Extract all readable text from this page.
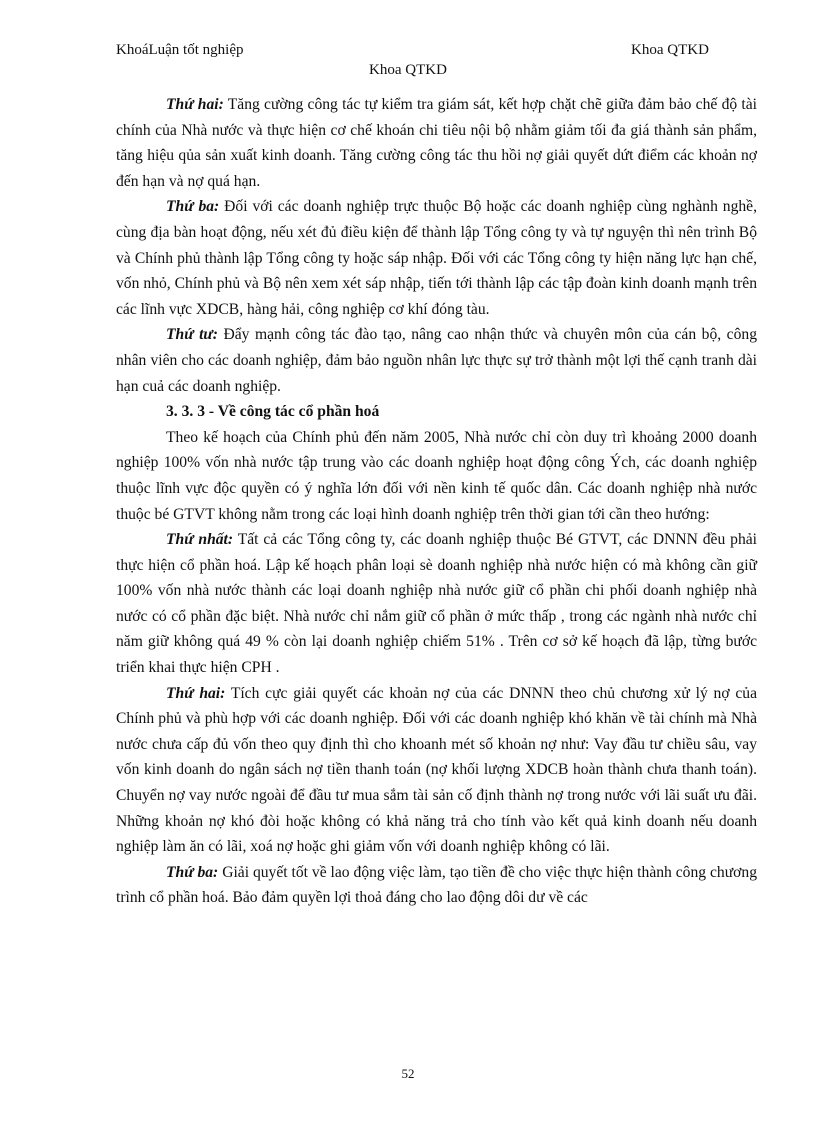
KhoáLuận tốt nghiệp	Khoa QTKD
Khoa QTKD

Thứ hai: Tăng cường công tác tự kiểm tra giám sát, kết hợp chặt chẽ giữa đảm bảo chế độ tài chính của Nhà nước và thực hiện cơ chế khoán chi tiêu nội bộ nhằm giảm tối đa giá thành sản phẩm, tăng hiệu qủa sản xuất kinh doanh. Tăng cường công tác thu hồi nợ giải quyết dứt điểm các khoản nợ đến hạn và nợ quá hạn.

Thứ ba: Đối với các doanh nghiệp trực thuộc Bộ hoặc các doanh nghiệp cùng nghành nghề, cùng địa bàn hoạt động, nếu xét đủ điều kiện để thành lập Tổng công ty và tự nguyện thì nên trình Bộ và Chính phủ thành lập Tổng công ty hoặc sáp nhập. Đối với các Tổng công ty hiện năng lực hạn chế, vốn nhỏ, Chính phủ và Bộ nên xem xét sáp nhập, tiến tới thành lập các tập đoàn kinh doanh mạnh trên các lĩnh vực XDCB, hàng hải, công nghiệp cơ khí đóng tàu.

Thứ tư: Đẩy mạnh công tác đào tạo, nâng cao nhận thức và chuyên môn của cán bộ, công nhân viên cho các doanh nghiệp, đảm bảo nguồn nhân lực thực sự trở thành một lợi thế cạnh tranh dài hạn cuả các doanh nghiệp.

3. 3. 3 - Về công tác cổ phần hoá

Theo kế hoạch của Chính phủ đến năm 2005, Nhà nước chỉ còn duy trì khoảng 2000 doanh nghiệp 100% vốn nhà nước tập trung vào các doanh nghiệp hoạt động công Ých, các doanh nghiệp thuộc lĩnh vực độc quyền có ý nghĩa lớn đối với nền kinh tế quốc dân. Các doanh nghiệp nhà nước thuộc bé GTVT không nằm trong các loại hình doanh nghiệp trên thời gian tới cần theo hướng:

Thứ nhất: Tất cả các Tổng công ty, các doanh nghiệp thuộc Bé GTVT, các DNNN đều phải thực hiện cổ phần hoá. Lập kế hoạch phân loại sè doanh nghiệp nhà nước hiện có mà không cần giữ 100% vốn nhà nước thành các loại doanh nghiệp nhà nước giữ cổ phần chi phối doanh nghiệp nhà nước có cổ phần đặc biệt. Nhà nước chỉ nắm giữ cổ phần ở mức thấp , trong các ngành nhà nước chỉ năm giữ không quá 49 % còn lại doanh nghiệp chiếm 51% . Trên cơ sở kế hoạch đã lập, từng bước triển khai thực hiện CPH .

Thứ hai: Tích cực giải quyết các khoản nợ của các DNNN theo chủ chương xử lý nợ của Chính phủ và phù hợp với các doanh nghiệp. Đối với các doanh nghiệp khó khăn về tài chính mà Nhà nước chưa cấp đủ vốn theo quy định thì cho khoanh mét số khoản nợ như: Vay đầu tư chiều sâu, vay vốn kinh doanh do ngân sách nợ tiền thanh toán (nợ khối lượng XDCB hoàn thành chưa thanh toán). Chuyển nợ vay nước ngoài để đầu tư mua sắm tài sản cố định thành nợ trong nước với lãi suất ưu đãi. Những khoản nợ khó đòi hoặc không có khả năng trả cho tính vào kết quả kinh doanh nếu doanh nghiệp làm ăn có lãi, xoá nợ hoặc ghi giảm vốn với doanh nghiệp không có lãi.

Thứ ba: Giải quyết tốt về lao động việc làm, tạo tiền đề cho việc thực hiện thành công chương trình cổ phần hoá. Bảo đảm quyền lợi thoả đáng cho lao động dôi dư về các

52
